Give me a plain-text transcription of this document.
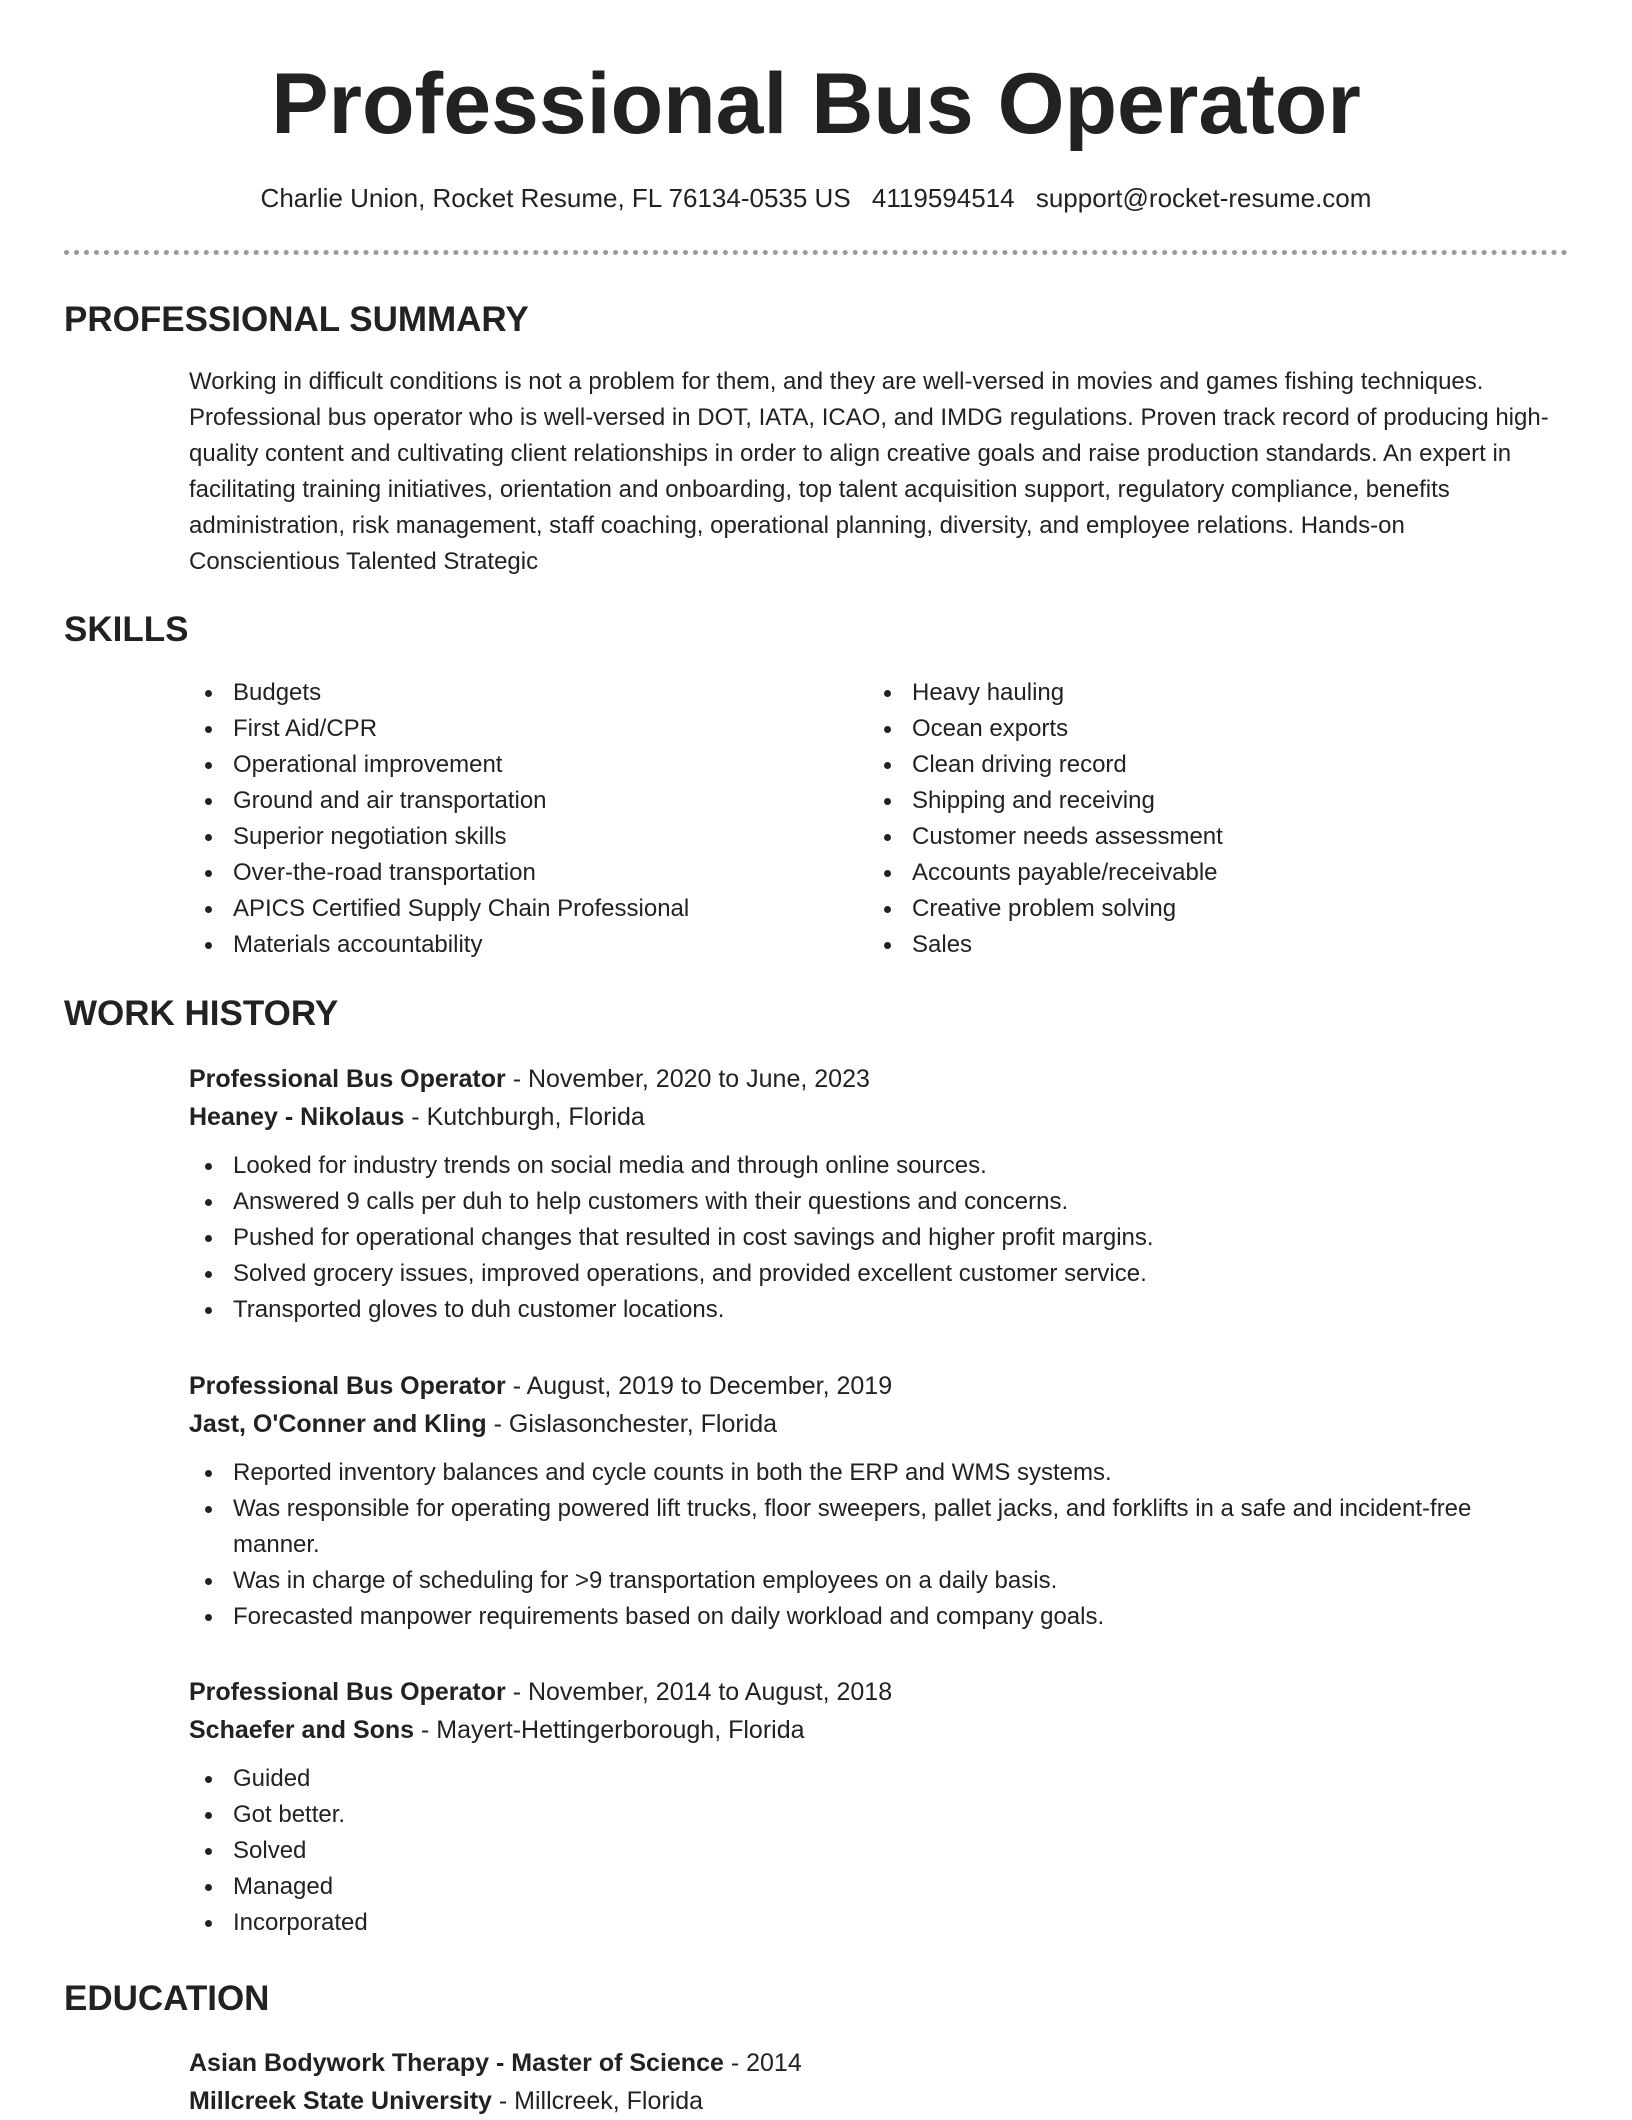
Professional Bus Operator
Charlie Union, Rocket Resume, FL 76134-0535 US 4119594514 support@rocket-resume.com
PROFESSIONAL SUMMARY

Working in difficult conditions is not a problem for them, and they are well-versed in movies and games fishing techniques. Professional bus operator who is well-versed in DOT, IATA, ICAO, and IMDG regulations. Proven track record of producing high-quality content and cultivating client relationships in order to align creative goals and raise production standards. An expert in facilitating training initiatives, orientation and onboarding, top talent acquisition support, regulatory compliance, benefits administration, risk management, staff coaching, operational planning, diversity, and employee relations. Hands-on Conscientious Talented Strategic

SKILLS
Budgets
First Aid/CPR
Operational improvement
Ground and air transportation
Superior negotiation skills
Over-the-road transportation
APICS Certified Supply Chain Professional
Materials accountability
Heavy hauling
Ocean exports
Clean driving record
Shipping and receiving
Customer needs assessment
Accounts payable/receivable
Creative problem solving
Sales
WORK HISTORY
Professional Bus Operator - November, 2020 to June, 2023
Heaney - Nikolaus - Kutchburgh, Florida
Looked for industry trends on social media and through online sources.
Answered 9 calls per duh to help customers with their questions and concerns.
Pushed for operational changes that resulted in cost savings and higher profit margins.
Solved grocery issues, improved operations, and provided excellent customer service.
Transported gloves to duh customer locations.
Professional Bus Operator - August, 2019 to December, 2019
Jast, O'Conner and Kling - Gislasonchester, Florida
Reported inventory balances and cycle counts in both the ERP and WMS systems.
Was responsible for operating powered lift trucks, floor sweepers, pallet jacks, and forklifts in a safe and incident-free manner.
Was in charge of scheduling for >9 transportation employees on a daily basis.
Forecasted manpower requirements based on daily workload and company goals.
Professional Bus Operator - November, 2014 to August, 2018
Schaefer and Sons - Mayert-Hettingerborough, Florida
Guided
Got better.
Solved
Managed
Incorporated
EDUCATION
Asian Bodywork Therapy - Master of Science - 2014
Millcreek State University - Millcreek, Florida
